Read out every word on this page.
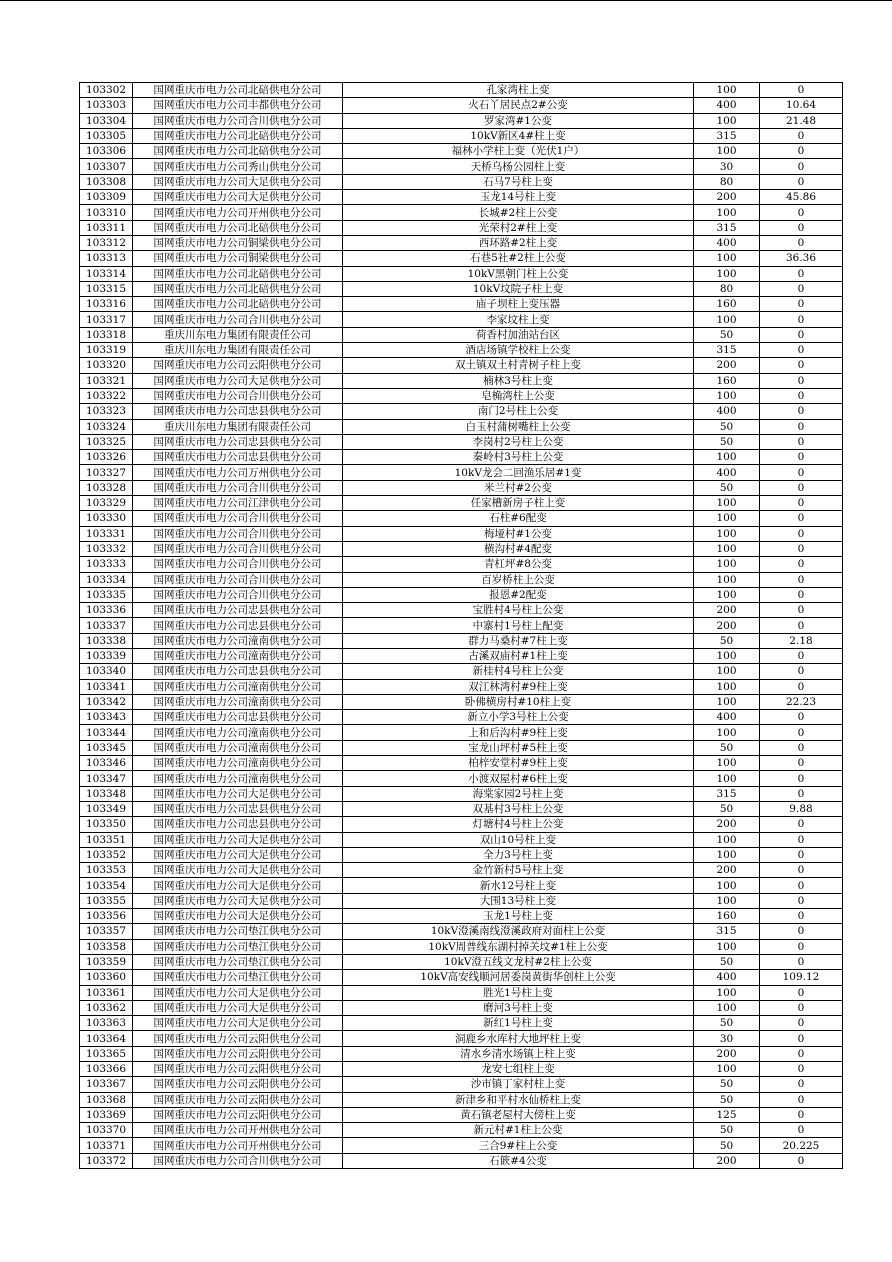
103302	国网重庆市电力公司北碚供电分公司	孔家湾柱上变	100	0
103303	国网重庆市电力公司丰都供电分公司	火石丫居民点2#公变	400	10.64
103304	国网重庆市电力公司合川供电分公司	罗家湾#1公变	100	21.48
103305	国网重庆市电力公司北碚供电分公司	10kV新区4#柱上变	315	0
103306	国网重庆市电力公司北碚供电分公司	福林小学柱上变（光伏1户）	100	0
103307	国网重庆市电力公司秀山供电分公司	天桥乌杨公园柱上变	30	0
103308	国网重庆市电力公司大足供电分公司	石马7号柱上变	80	0
103309	国网重庆市电力公司大足供电分公司	玉龙14号柱上变	200	45.86
103310	国网重庆市电力公司开州供电分公司	长城#2柱上公变	100	0
103311	国网重庆市电力公司北碚供电分公司	光荣村2#柱上变	315	0
103312	国网重庆市电力公司铜梁供电分公司	西环路#2柱上变	400	0
103313	国网重庆市电力公司铜梁供电分公司	石巷5社#2柱上公变	100	36.36
103314	国网重庆市电力公司北碚供电分公司	10kV黑朝门柱上公变	100	0
103315	国网重庆市电力公司北碚供电分公司	10kV坟院子柱上变	80	0
103316	国网重庆市电力公司北碚供电分公司	庙子坝柱上变压器	160	0
103317	国网重庆市电力公司合川供电分公司	李家坟柱上变	100	0
103318	重庆川东电力集团有限责任公司	荷香村加油站台区	50	0
103319	重庆川东电力集团有限责任公司	酒店场镇学校柱上公变	315	0
103320	国网重庆市电力公司云阳供电分公司	双土镇双土村青树子柱上变	200	0
103321	国网重庆市电力公司大足供电分公司	楠林3号柱上变	160	0
103322	国网重庆市电力公司合川供电分公司	皂桷湾柱上公变	100	0
103323	国网重庆市电力公司忠县供电分公司	南门2号柱上公变	400	0
103324	重庆川东电力集团有限责任公司	白玉村蒲树嘴柱上公变	50	0
103325	国网重庆市电力公司忠县供电分公司	李岗村2号柱上公变	50	0
103326	国网重庆市电力公司忠县供电分公司	秦岭村3号柱上公变	100	0
103327	国网重庆市电力公司万州供电分公司	10kV龙会二回渔乐居#1变	400	0
103328	国网重庆市电力公司合川供电分公司	米兰村#2公变	50	0
103329	国网重庆市电力公司江津供电分公司	任家槽新房子柱上变	100	0
103330	国网重庆市电力公司合川供电分公司	石柱#6配变	100	0
103331	国网重庆市电力公司合川供电分公司	梅垭村#1公变	100	0
103332	国网重庆市电力公司合川供电分公司	横沟村#4配变	100	0
103333	国网重庆市电力公司合川供电分公司	青杠坪#8公变	100	0
103334	国网重庆市电力公司合川供电分公司	百岁桥柱上公变	100	0
103335	国网重庆市电力公司合川供电分公司	报恩#2配变	100	0
103336	国网重庆市电力公司忠县供电分公司	宝胜村4号柱上公变	200	0
103337	国网重庆市电力公司忠县供电分公司	中寨村1号柱上配变	200	0
103338	国网重庆市电力公司潼南供电分公司	群力马桑村#7柱上变	50	2.18
103339	国网重庆市电力公司潼南供电分公司	古溪双庙村#1柱上变	100	0
103340	国网重庆市电力公司忠县供电分公司	新桂村4号柱上公变	100	0
103341	国网重庆市电力公司潼南供电分公司	双江林湾村#9柱上变	100	0
103342	国网重庆市电力公司潼南供电分公司	卧佛横房村#10柱上变	100	22.23
103343	国网重庆市电力公司忠县供电分公司	新立小学3号柱上公变	400	0
103344	国网重庆市电力公司潼南供电分公司	上和后沟村#9柱上变	100	0
103345	国网重庆市电力公司潼南供电分公司	宝龙山坪村#5柱上变	50	0
103346	国网重庆市电力公司潼南供电分公司	柏梓安堂村#9柱上变	100	0
103347	国网重庆市电力公司潼南供电分公司	小渡双屋村#6柱上变	100	0
103348	国网重庆市电力公司大足供电分公司	海棠家园2号柱上变	315	0
103349	国网重庆市电力公司忠县供电分公司	双基村3号柱上公变	50	9.88
103350	国网重庆市电力公司忠县供电分公司	灯塘村4号柱上公变	200	0
103351	国网重庆市电力公司大足供电分公司	双山10号柱上变	100	0
103352	国网重庆市电力公司大足供电分公司	全力3号柱上变	100	0
103353	国网重庆市电力公司大足供电分公司	金竹新村5号柱上变	200	0
103354	国网重庆市电力公司大足供电分公司	新水12号柱上变	100	0
103355	国网重庆市电力公司大足供电分公司	大围13号柱上变	100	0
103356	国网重庆市电力公司大足供电分公司	玉龙1号柱上变	160	0
103357	国网重庆市电力公司垫江供电分公司	10kV澄溪南线澄溪政府对面柱上公变	315	0
103358	国网重庆市电力公司垫江供电分公司	10kV周普线东湖村掉关坟#1柱上公变	100	0
103359	国网重庆市电力公司垫江供电分公司	10kV澄五线文龙村#2柱上公变	50	0
103360	国网重庆市电力公司垫江供电分公司	10kV高安线顺河居委岗黄街华创柱上公变	400	109.12
103361	国网重庆市电力公司大足供电分公司	胜光1号柱上变	100	0
103362	国网重庆市电力公司大足供电分公司	磨河3号柱上变	100	0
103363	国网重庆市电力公司大足供电分公司	新红1号柱上变	50	0
103364	国网重庆市电力公司云阳供电分公司	洞鹿乡水库村大地坪柱上变	30	0
103365	国网重庆市电力公司云阳供电分公司	清水乡清水场镇上柱上变	200	0
103366	国网重庆市电力公司云阳供电分公司	龙安七组柱上变	100	0
103367	国网重庆市电力公司云阳供电分公司	沙市镇丁家村柱上变	50	0
103368	国网重庆市电力公司云阳供电分公司	新津乡和平村水仙桥柱上变	50	0
103369	国网重庆市电力公司云阳供电分公司	黄石镇老屋村大傍柱上变	125	0
103370	国网重庆市电力公司开州供电分公司	新元村#1柱上公变	50	0
103371	国网重庆市电力公司开州供电分公司	三合9#柱上公变	50	20.225
103372	国网重庆市电力公司合川供电分公司	石篏#4公变	200	0
